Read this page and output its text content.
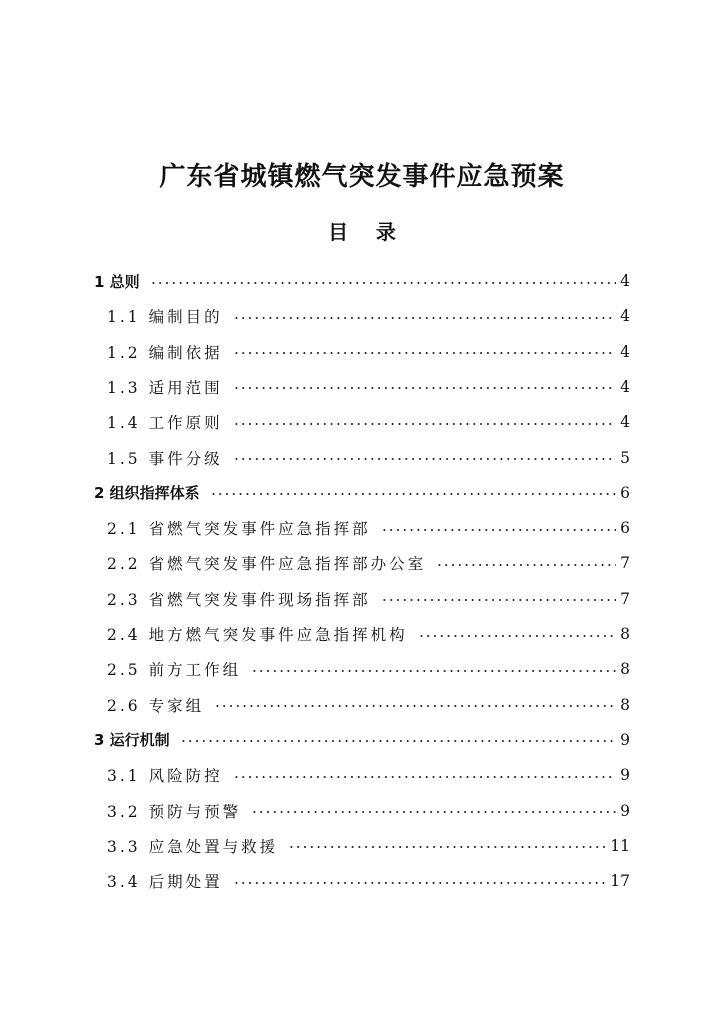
广东省城镇燃气突发事件应急预案
目    录
1 总则	4
1.1 编制目的	4
1.2 编制依据	4
1.3 适用范围	4
1.4 工作原则	4
1.5 事件分级	5
2 组织指挥体系	6
2.1 省燃气突发事件应急指挥部	6
2.2 省燃气突发事件应急指挥部办公室	7
2.3 省燃气突发事件现场指挥部	7
2.4 地方燃气突发事件应急指挥机构	8
2.5 前方工作组	8
2.6 专家组	8
3 运行机制	9
3.1 风险防控	9
3.2 预防与预警	9
3.3 应急处置与救援	11
3.4 后期处置	17
